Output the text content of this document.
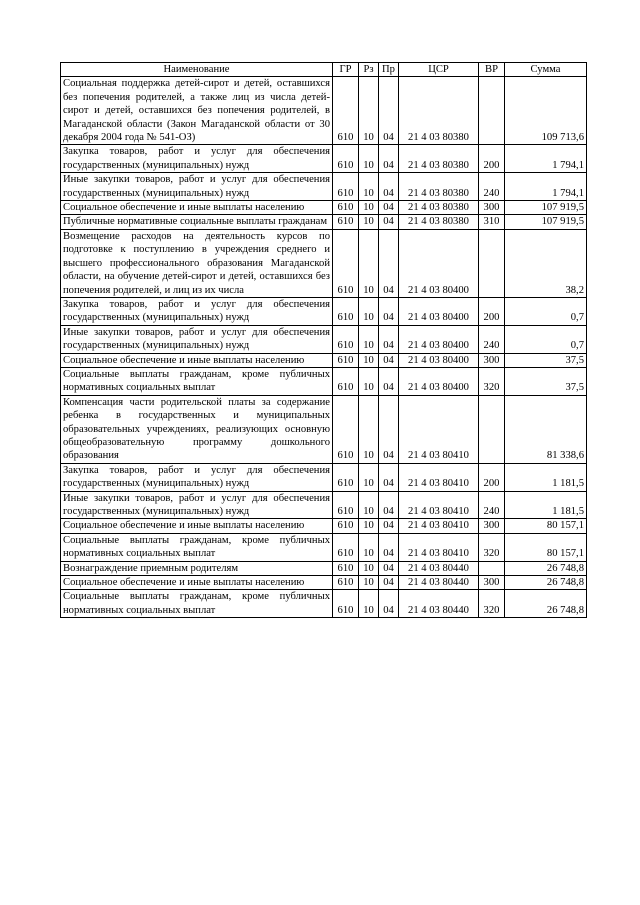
Наименование	ГР	Рз	Пр	ЦСР	ВР	Сумма
Социальная поддержка детей-сирот и детей, оставшихся без попечения родителей, а также лиц из числа детей-сирот и детей, оставшихся без попечения родителей, в Магаданской области (Закон Магаданской области от 30 декабря 2004 года № 541-ОЗ)	610	10	04	21 4 03 80380		109 713,6
Закупка товаров, работ и услуг для обеспечения государственных (муниципальных) нужд	610	10	04	21 4 03 80380	200	1 794,1
Иные закупки товаров, работ и услуг для обеспечения государственных (муниципальных) нужд	610	10	04	21 4 03 80380	240	1 794,1
Социальное обеспечение и иные выплаты населению	610	10	04	21 4 03 80380	300	107 919,5
Публичные нормативные социальные выплаты гражданам	610	10	04	21 4 03 80380	310	107 919,5
Возмещение расходов на деятельность курсов по подготовке к поступлению в учреждения среднего и высшего профессионального образования Магаданской области, на обучение детей-сирот и детей, оставшихся без попечения родителей, и лиц из их числа	610	10	04	21 4 03 80400		38,2
Закупка товаров, работ и услуг для обеспечения государственных (муниципальных) нужд	610	10	04	21 4 03 80400	200	0,7
Иные закупки товаров, работ и услуг для обеспечения государственных (муниципальных) нужд	610	10	04	21 4 03 80400	240	0,7
Социальное обеспечение и иные выплаты населению	610	10	04	21 4 03 80400	300	37,5
Социальные выплаты гражданам, кроме публичных нормативных социальных выплат	610	10	04	21 4 03 80400	320	37,5
Компенсация части родительской платы за содержание ребенка в государственных и муниципальных образовательных учреждениях, реализующих основную общеобразовательную программу дошкольного образования	610	10	04	21 4 03 80410		81 338,6
Закупка товаров, работ и услуг для обеспечения государственных (муниципальных) нужд	610	10	04	21 4 03 80410	200	1 181,5
Иные закупки товаров, работ и услуг для обеспечения государственных (муниципальных) нужд	610	10	04	21 4 03 80410	240	1 181,5
Социальное обеспечение и иные выплаты населению	610	10	04	21 4 03 80410	300	80 157,1
Социальные выплаты гражданам, кроме публичных нормативных социальных выплат	610	10	04	21 4 03 80410	320	80 157,1
Вознаграждение приемным родителям	610	10	04	21 4 03 80440		26 748,8
Социальное обеспечение и иные выплаты населению	610	10	04	21 4 03 80440	300	26 748,8
Социальные выплаты гражданам, кроме публичных нормативных социальных выплат	610	10	04	21 4 03 80440	320	26 748,8
